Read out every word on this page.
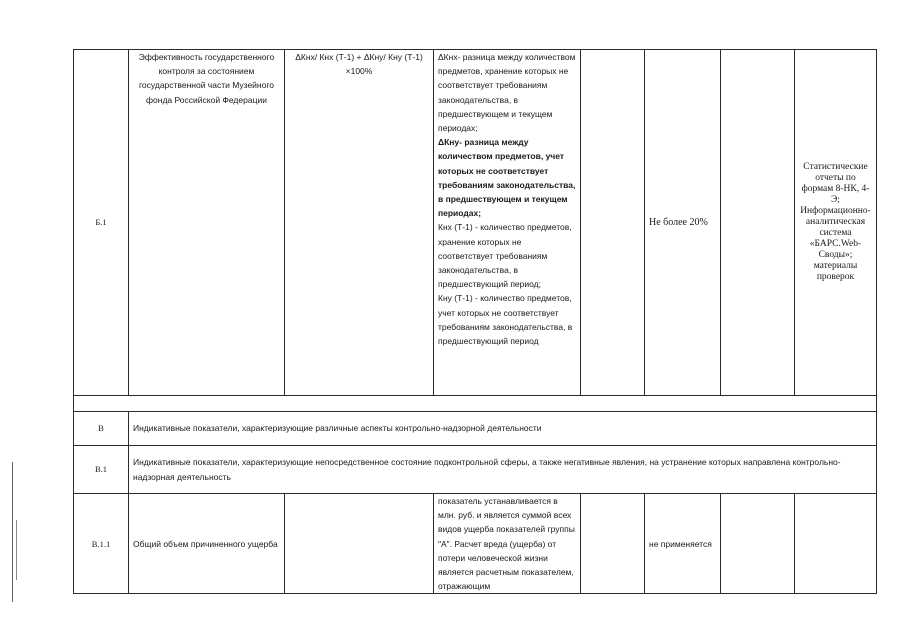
Б.1	Эффективность государственного контроля за состоянием государственной части Музейного фонда Российской Федерации	ΔКнх/ Кнх (Т-1) + ΔКну/ Кну (Т-1) ×100%	ΔКнх- разница между количеством предметов, хранение которых не соответствует требованиям законодательства, в предшествующем и текущем периодах;
ΔКну- разница между количеством предметов, учет которых не соответствует требованиям законодательства, в предшествующем и текущем периодах;
Кнх (Т-1) - количество предметов, хранение которых не соответствует требованиям законодательства, в предшествующий период;
Кну (Т-1) - количество предметов, учет которых не соответствует требованиям законодательства, в предшествующий период		Не более 20%		Статистические отчеты по формам 8-НК, 4-Э; Информационно-аналитическая система «БАРС.Web-Своды»; материалы проверок

В	Индикативные показатели, характеризующие различные аспекты контрольно-надзорной деятельности						
В.1	Индикативные показатели, характеризующие непосредственное состояние подконтрольной сферы, а также негативные явления, на устранение которых направлена контрольно-надзорная деятельность						
В.1.1	Общий объем причиненного ущерба		показатель устанавливается в млн. руб. и является суммой всех видов ущерба показателей группы "А". Расчет вреда (ущерба) от потери человеческой жизни является расчетным показателем, отражающим		не применяется		
